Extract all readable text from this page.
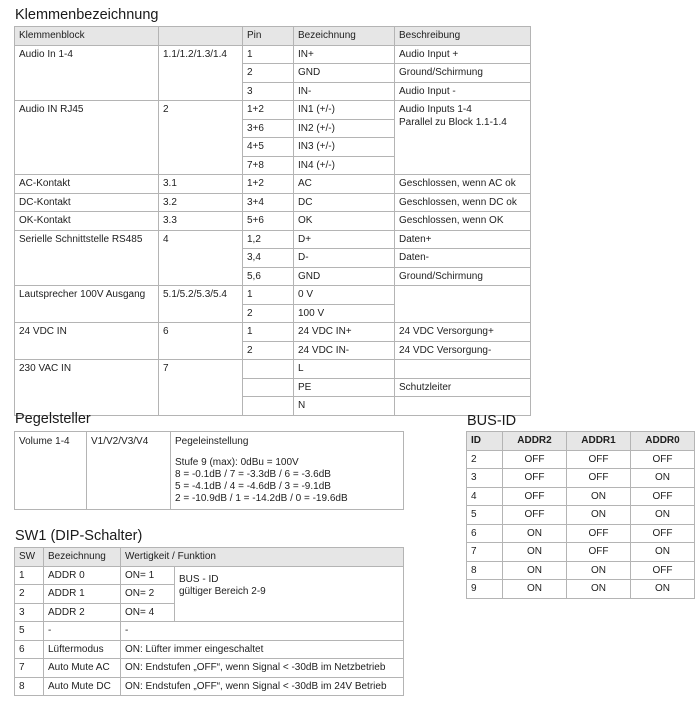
Klemmenbezeichnung
Klemmenblock		Pin	Bezeichnung	Beschreibung
Audio In 1-4	1.1/1.2/1.3/1.4	1	IN+	Audio Input +
		2	GND	Ground/Schirmung
		3	IN-	Audio Input -
Audio IN RJ45	2	1+2	IN1 (+/-)	Audio Inputs 1-4
Parallel zu Block 1.1-1.4

		3+6	IN2 (+/-)	
		4+5	IN3 (+/-)	
		7+8	IN4 (+/-)	
AC-Kontakt	3.1	1+2	AC	Geschlossen, wenn AC ok
DC-Kontakt	3.2	3+4	DC	Geschlossen, wenn DC ok
OK-Kontakt	3.3	5+6	OK	Geschlossen, wenn OK
Serielle Schnittstelle RS485	4	1,2	D+	Daten+
		3,4	D-	Daten-
		5,6	GND	Ground/Schirmung
Lautsprecher 100V Ausgang	5.1/5.2/5.3/5.4	1	0 V	
		2	100 V	
24 VDC IN	6	1	24 VDC IN+	24 VDC Versorgung+
		2	24 VDC IN-	24 VDC Versorgung-
230 VAC IN	7		L	
			PE	Schutzleiter
			N	
Pegelsteller
Volume 1-4	V1/V2/V3/V4	Pegeleinstellung
Stufe 9 (max): 0dBu = 100V
8 = -0.1dB / 7 = -3.3dB / 6 = -3.6dB
5 = -4.1dB / 4 = -4.6dB / 3 = -9.1dB
2 = -10.9dB / 1 = -14.2dB / 0 = -19.6dB
SW1 (DIP-Schalter)
SW	Bezeichnung	Wertigkeit / Funktion	
1	ADDR 0	ON= 1	BUS - ID
gültiger Bereich 2-9

2	ADDR 1	ON= 2	
3	ADDR 2	ON= 4	
5	-	-	
6	Lüftermodus	ON: Lüfter immer eingeschaltet	
7	Auto Mute AC	ON: Endstufen „OFF“, wenn Signal < -30dB im Netzbetrieb	
8	Auto Mute DC	ON: Endstufen „OFF“, wenn Signal < -30dB im 24V Betrieb	
BUS-ID
ID	ADDR2	ADDR1	ADDR0
2	OFF	OFF	OFF
3	OFF	OFF	ON
4	OFF	ON	OFF
5	OFF	ON	ON
6	ON	OFF	OFF
7	ON	OFF	ON
8	ON	ON	OFF
9	ON	ON	ON
